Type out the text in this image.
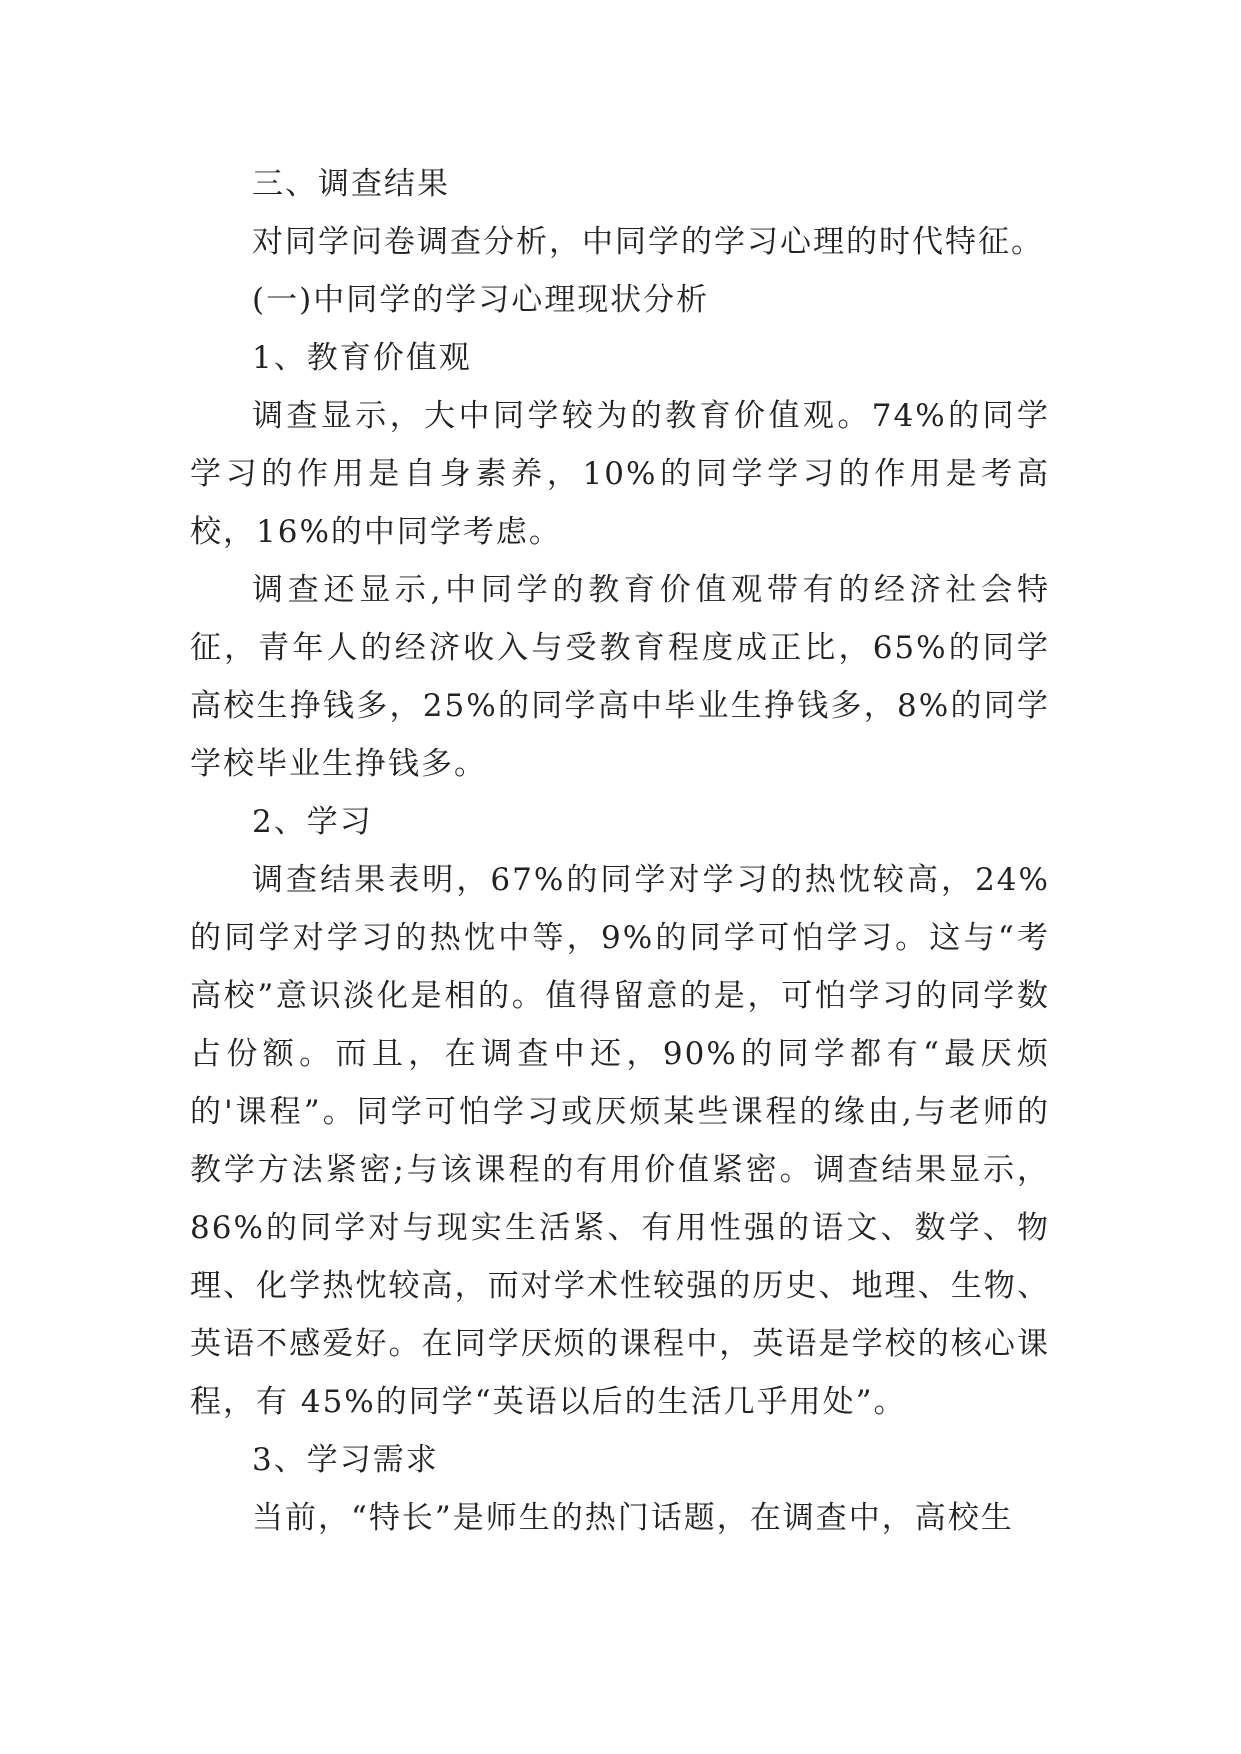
三、调查结果

对同学问卷调查分析，中同学的学习心理的时代特征。

(一)中同学的学习心理现状分析

1、教育价值观

调查显示，大中同学较为的教育价值观。74%的同学学习的作用是自身素养，10%的同学学习的作用是考高校，16%的中同学考虑。

调查还显示,中同学的教育价值观带有的经济社会特征，青年人的经济收入与受教育程度成正比，65%的同学高校生挣钱多，25%的同学高中毕业生挣钱多，8%的同学学校毕业生挣钱多。

2、学习

调查结果表明，67%的同学对学习的热忱较高，24%的同学对学习的热忱中等，9%的同学可怕学习。这与“考高校”意识淡化是相的。值得留意的是，可怕学习的同学数占份额。而且，在调查中还，90%的同学都有“最厌烦的'课程”。同学可怕学习或厌烦某些课程的缘由,与老师的教学方法紧密;与该课程的有用价值紧密。调查结果显示，86%的同学对与现实生活紧、有用性强的语文、数学、物理、化学热忱较高，而对学术性较强的历史、地理、生物、英语不感爱好。在同学厌烦的课程中，英语是学校的核心课程，有 45%的同学“英语以后的生活几乎用处”。

3、学习需求

当前，“特长”是师生的热门话题，在调查中，高校生
